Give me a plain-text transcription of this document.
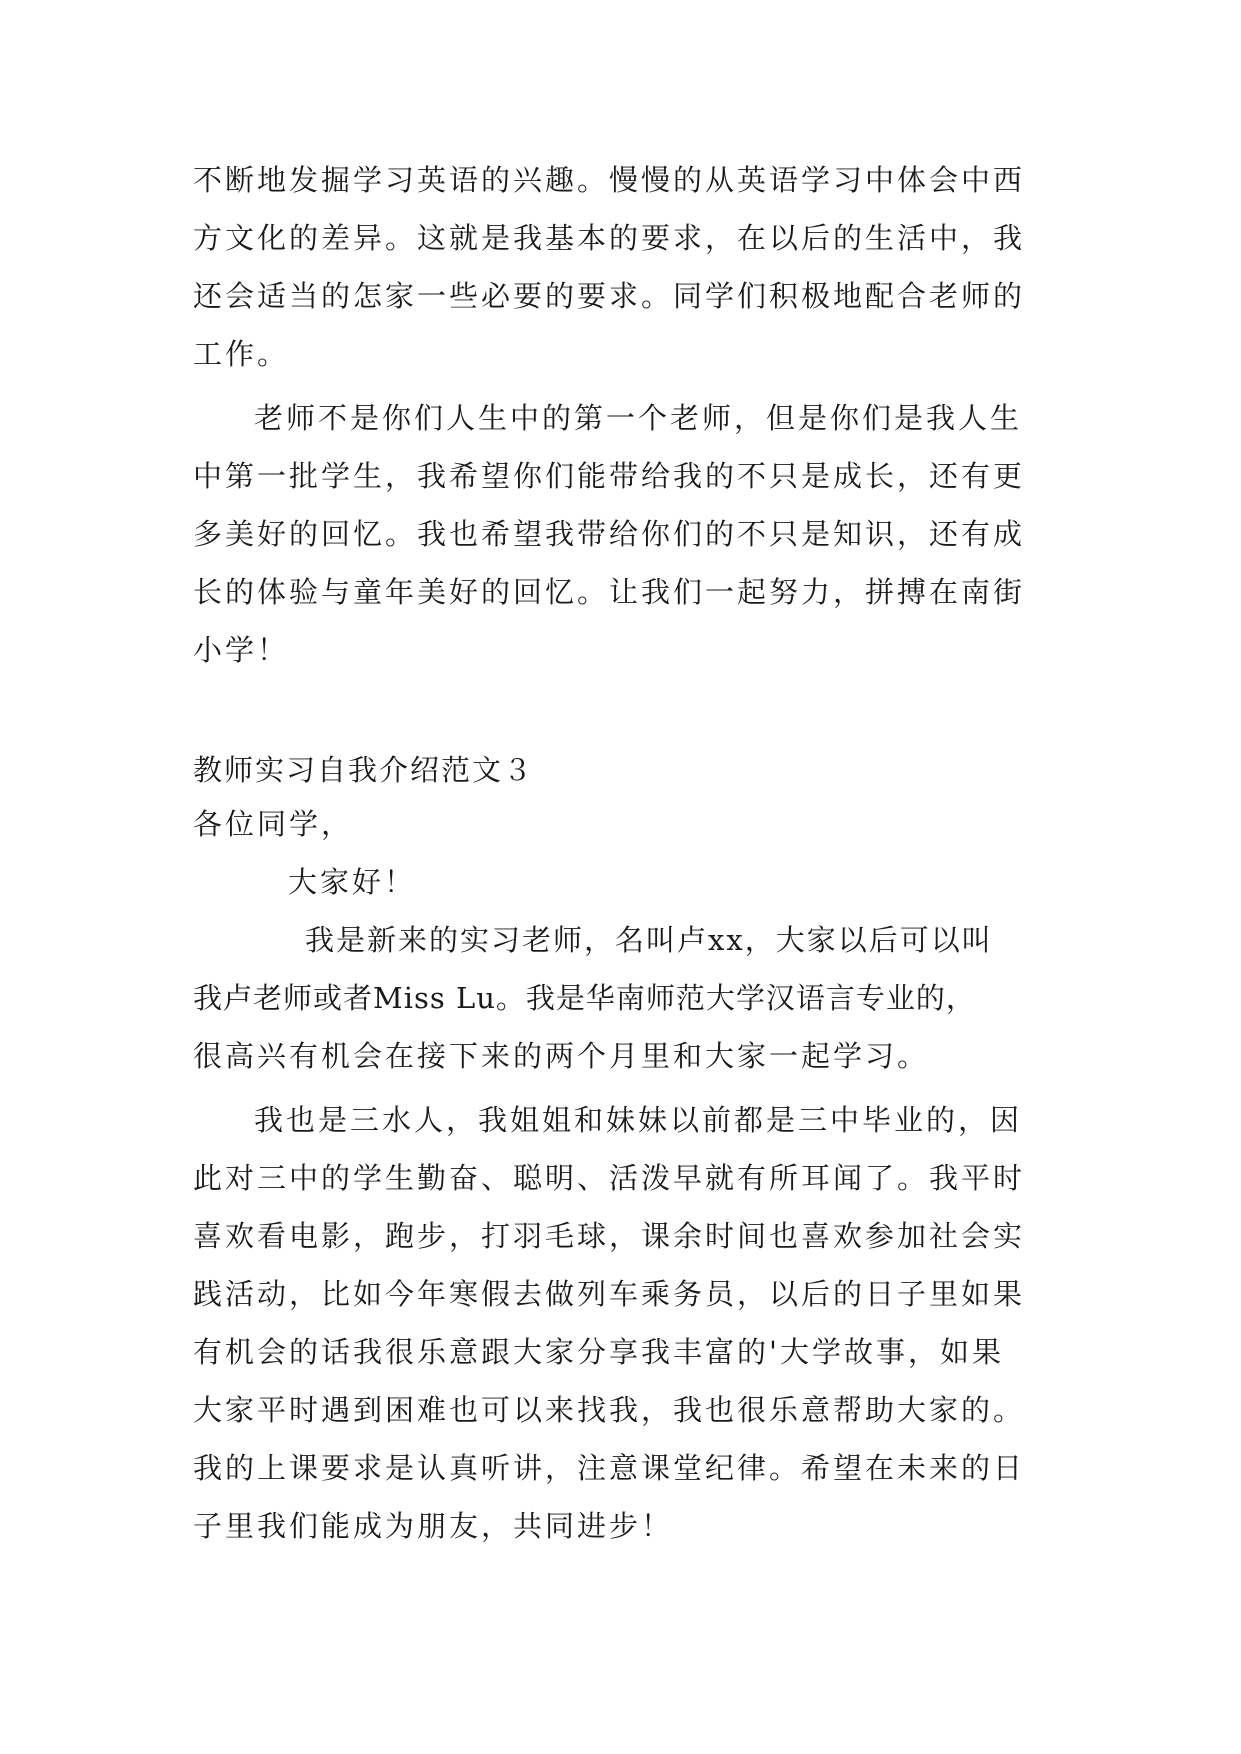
不断地发掘学习英语的兴趣。慢慢的从英语学习中体会中西
方文化的差异。这就是我基本的要求，在以后的生活中，我
还会适当的怎家一些必要的要求。同学们积极地配合老师的
工作。
老师不是你们人生中的第一个老师，但是你们是我人生
中第一批学生，我希望你们能带给我的不只是成长，还有更
多美好的回忆。我也希望我带给你们的不只是知识，还有成
长的体验与童年美好的回忆。让我们一起努力，拼搏在南街
小学！
教师实习自我介绍范文３
各位同学，
大家好！
我是新来的实习老师，名叫卢xx，大家以后可以叫
我卢老师或者Miss Lu。我是华南师范大学汉语言专业的，
很高兴有机会在接下来的两个月里和大家一起学习。
我也是三水人，我姐姐和妹妹以前都是三中毕业的，因
此对三中的学生勤奋、聪明、活泼早就有所耳闻了。我平时
喜欢看电影，跑步，打羽毛球，课余时间也喜欢参加社会实
践活动，比如今年寒假去做列车乘务员，以后的日子里如果
有机会的话我很乐意跟大家分享我丰富的'大学故事，如果
大家平时遇到困难也可以来找我，我也很乐意帮助大家的。
我的上课要求是认真听讲，注意课堂纪律。希望在未来的日
子里我们能成为朋友，共同进步！
